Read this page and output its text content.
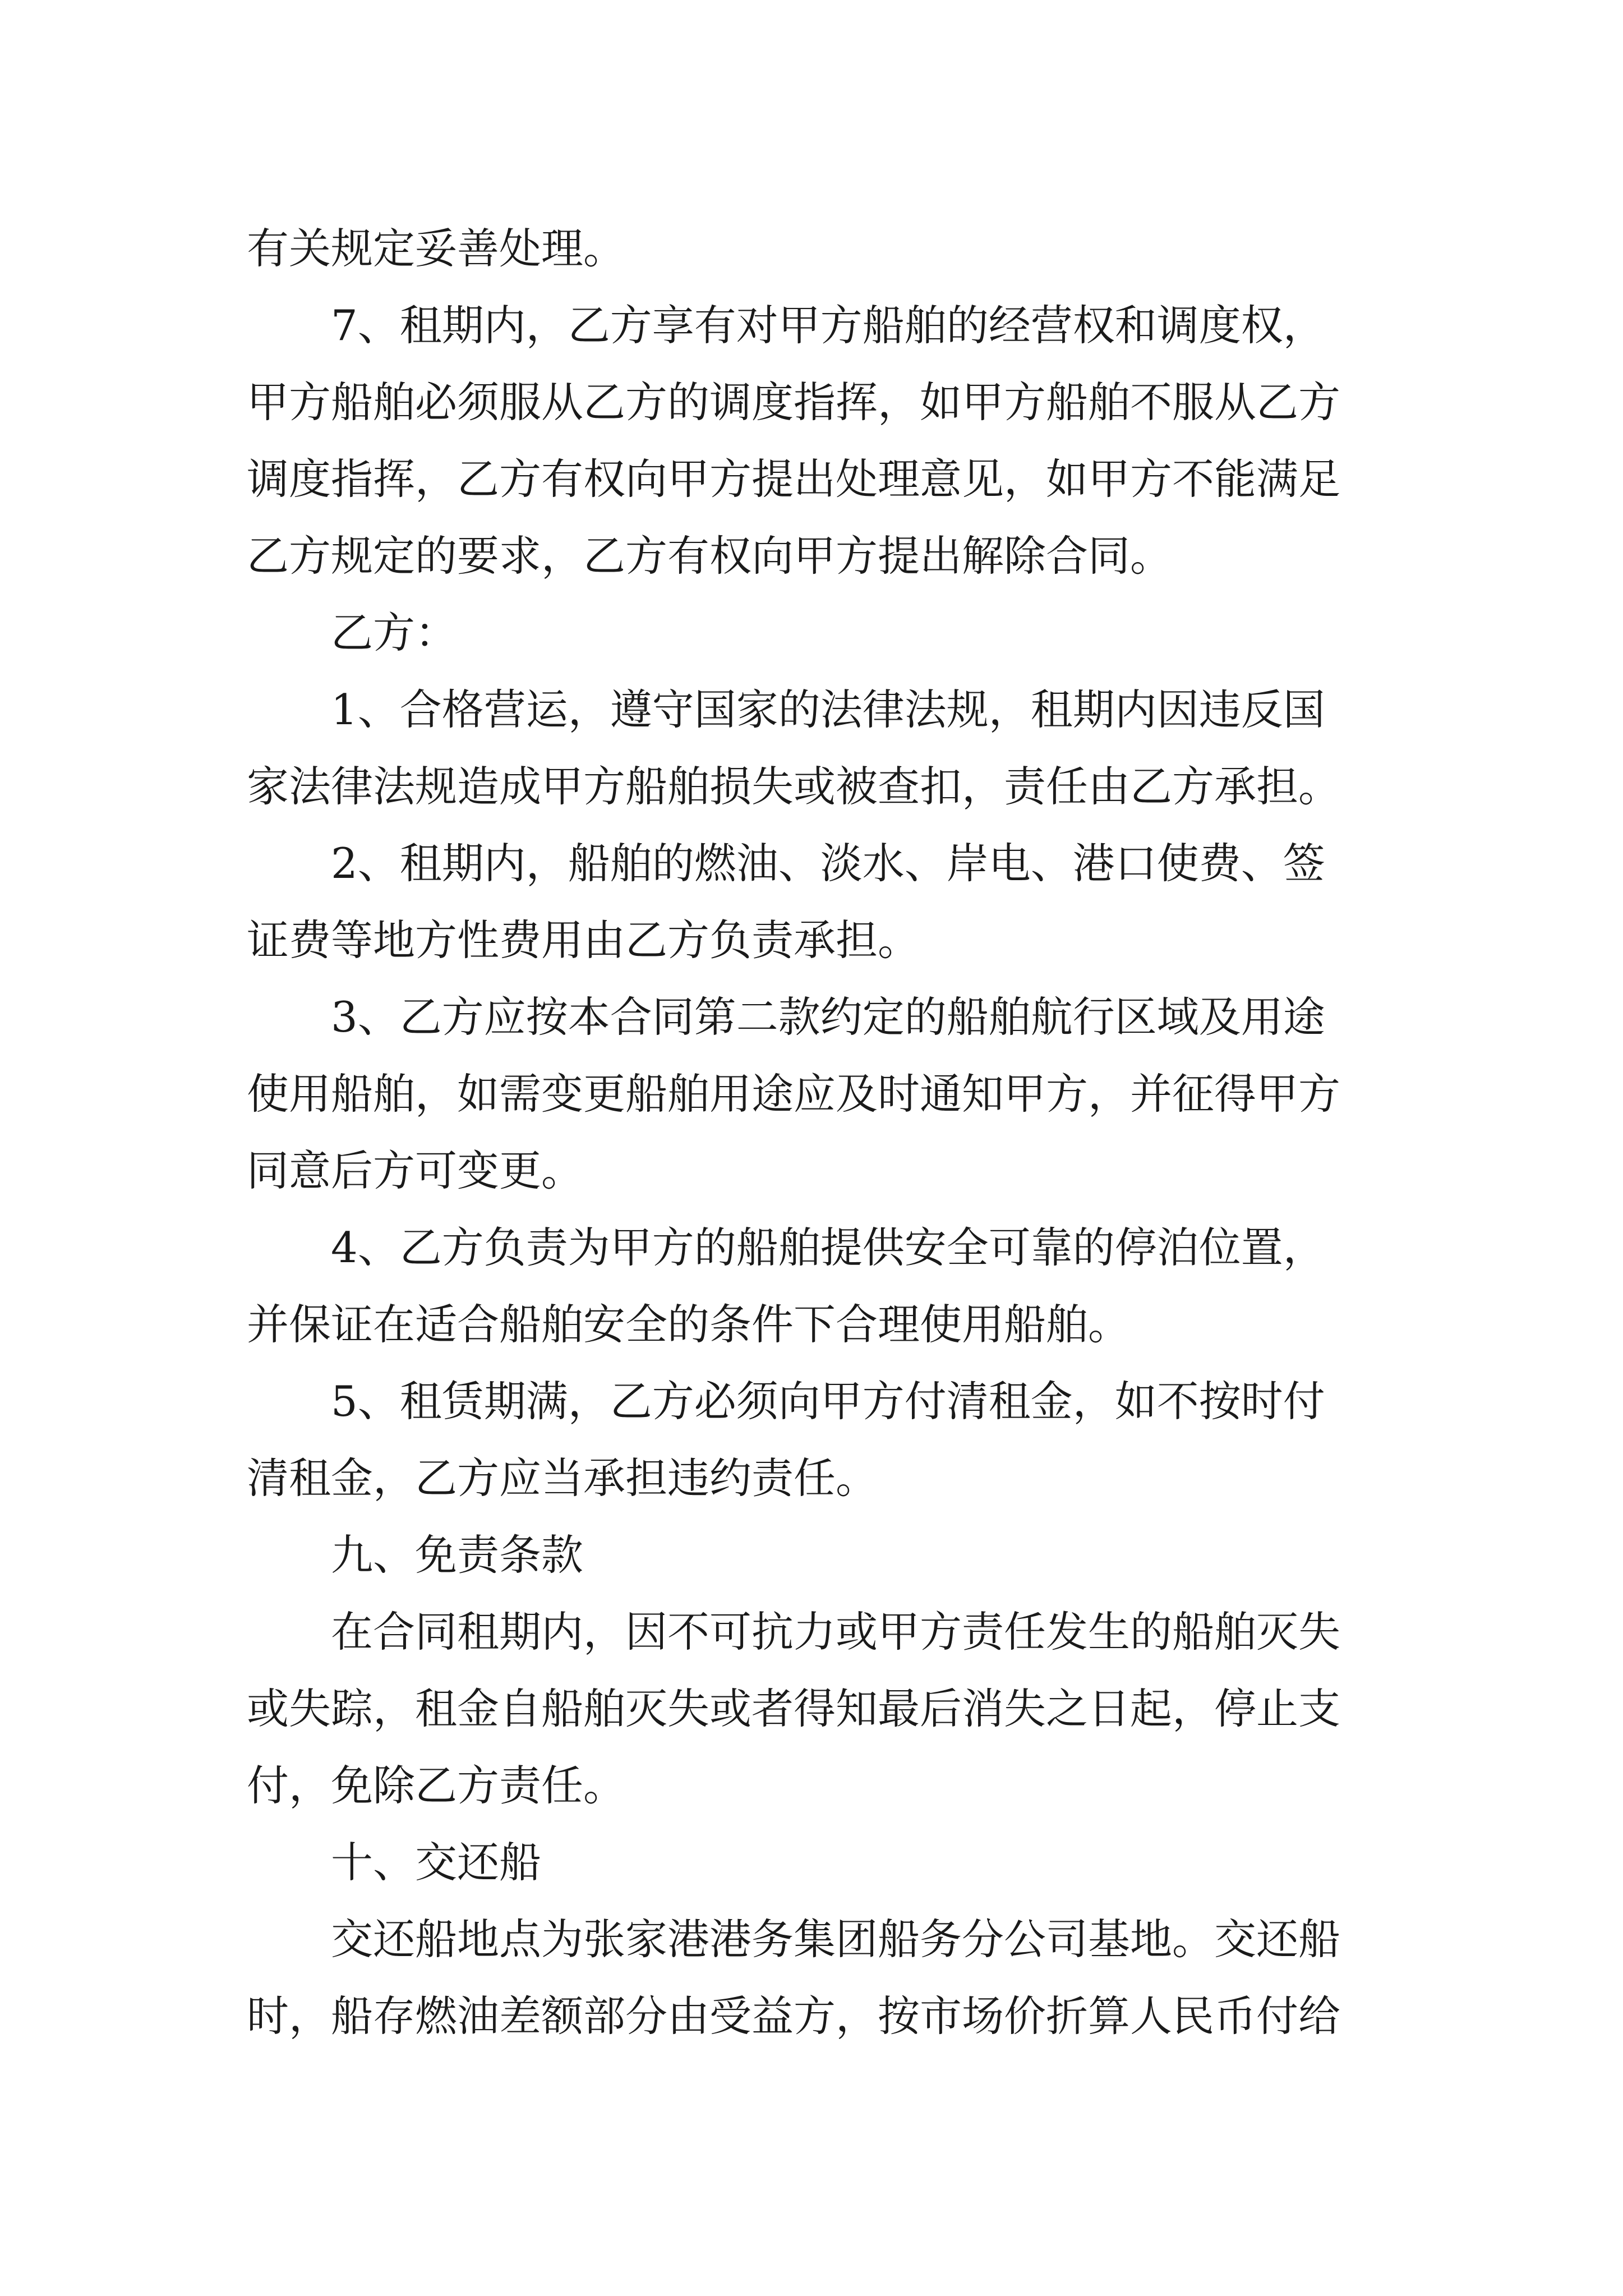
有关规定妥善处理。
7、租期内，乙方享有对甲方船舶的经营权和调度权，
甲方船舶必须服从乙方的调度指挥，如甲方船舶不服从乙方
调度指挥，乙方有权向甲方提出处理意见，如甲方不能满足
乙方规定的要求，乙方有权向甲方提出解除合同。
乙方：
1、合格营运，遵守国家的法律法规，租期内因违反国
家法律法规造成甲方船舶损失或被查扣，责任由乙方承担。
2、租期内，船舶的燃油、淡水、岸电、港口使费、签
证费等地方性费用由乙方负责承担。
3、乙方应按本合同第二款约定的船舶航行区域及用途
使用船舶，如需变更船舶用途应及时通知甲方，并征得甲方
同意后方可变更。
4、乙方负责为甲方的船舶提供安全可靠的停泊位置，
并保证在适合船舶安全的条件下合理使用船舶。
5、租赁期满，乙方必须向甲方付清租金，如不按时付
清租金，乙方应当承担违约责任。
九、免责条款
在合同租期内，因不可抗力或甲方责任发生的船舶灭失
或失踪，租金自船舶灭失或者得知最后消失之日起，停止支
付，免除乙方责任。
十、交还船
交还船地点为张家港港务集团船务分公司基地。交还船
时，船存燃油差额部分由受益方，按市场价折算人民币付给
